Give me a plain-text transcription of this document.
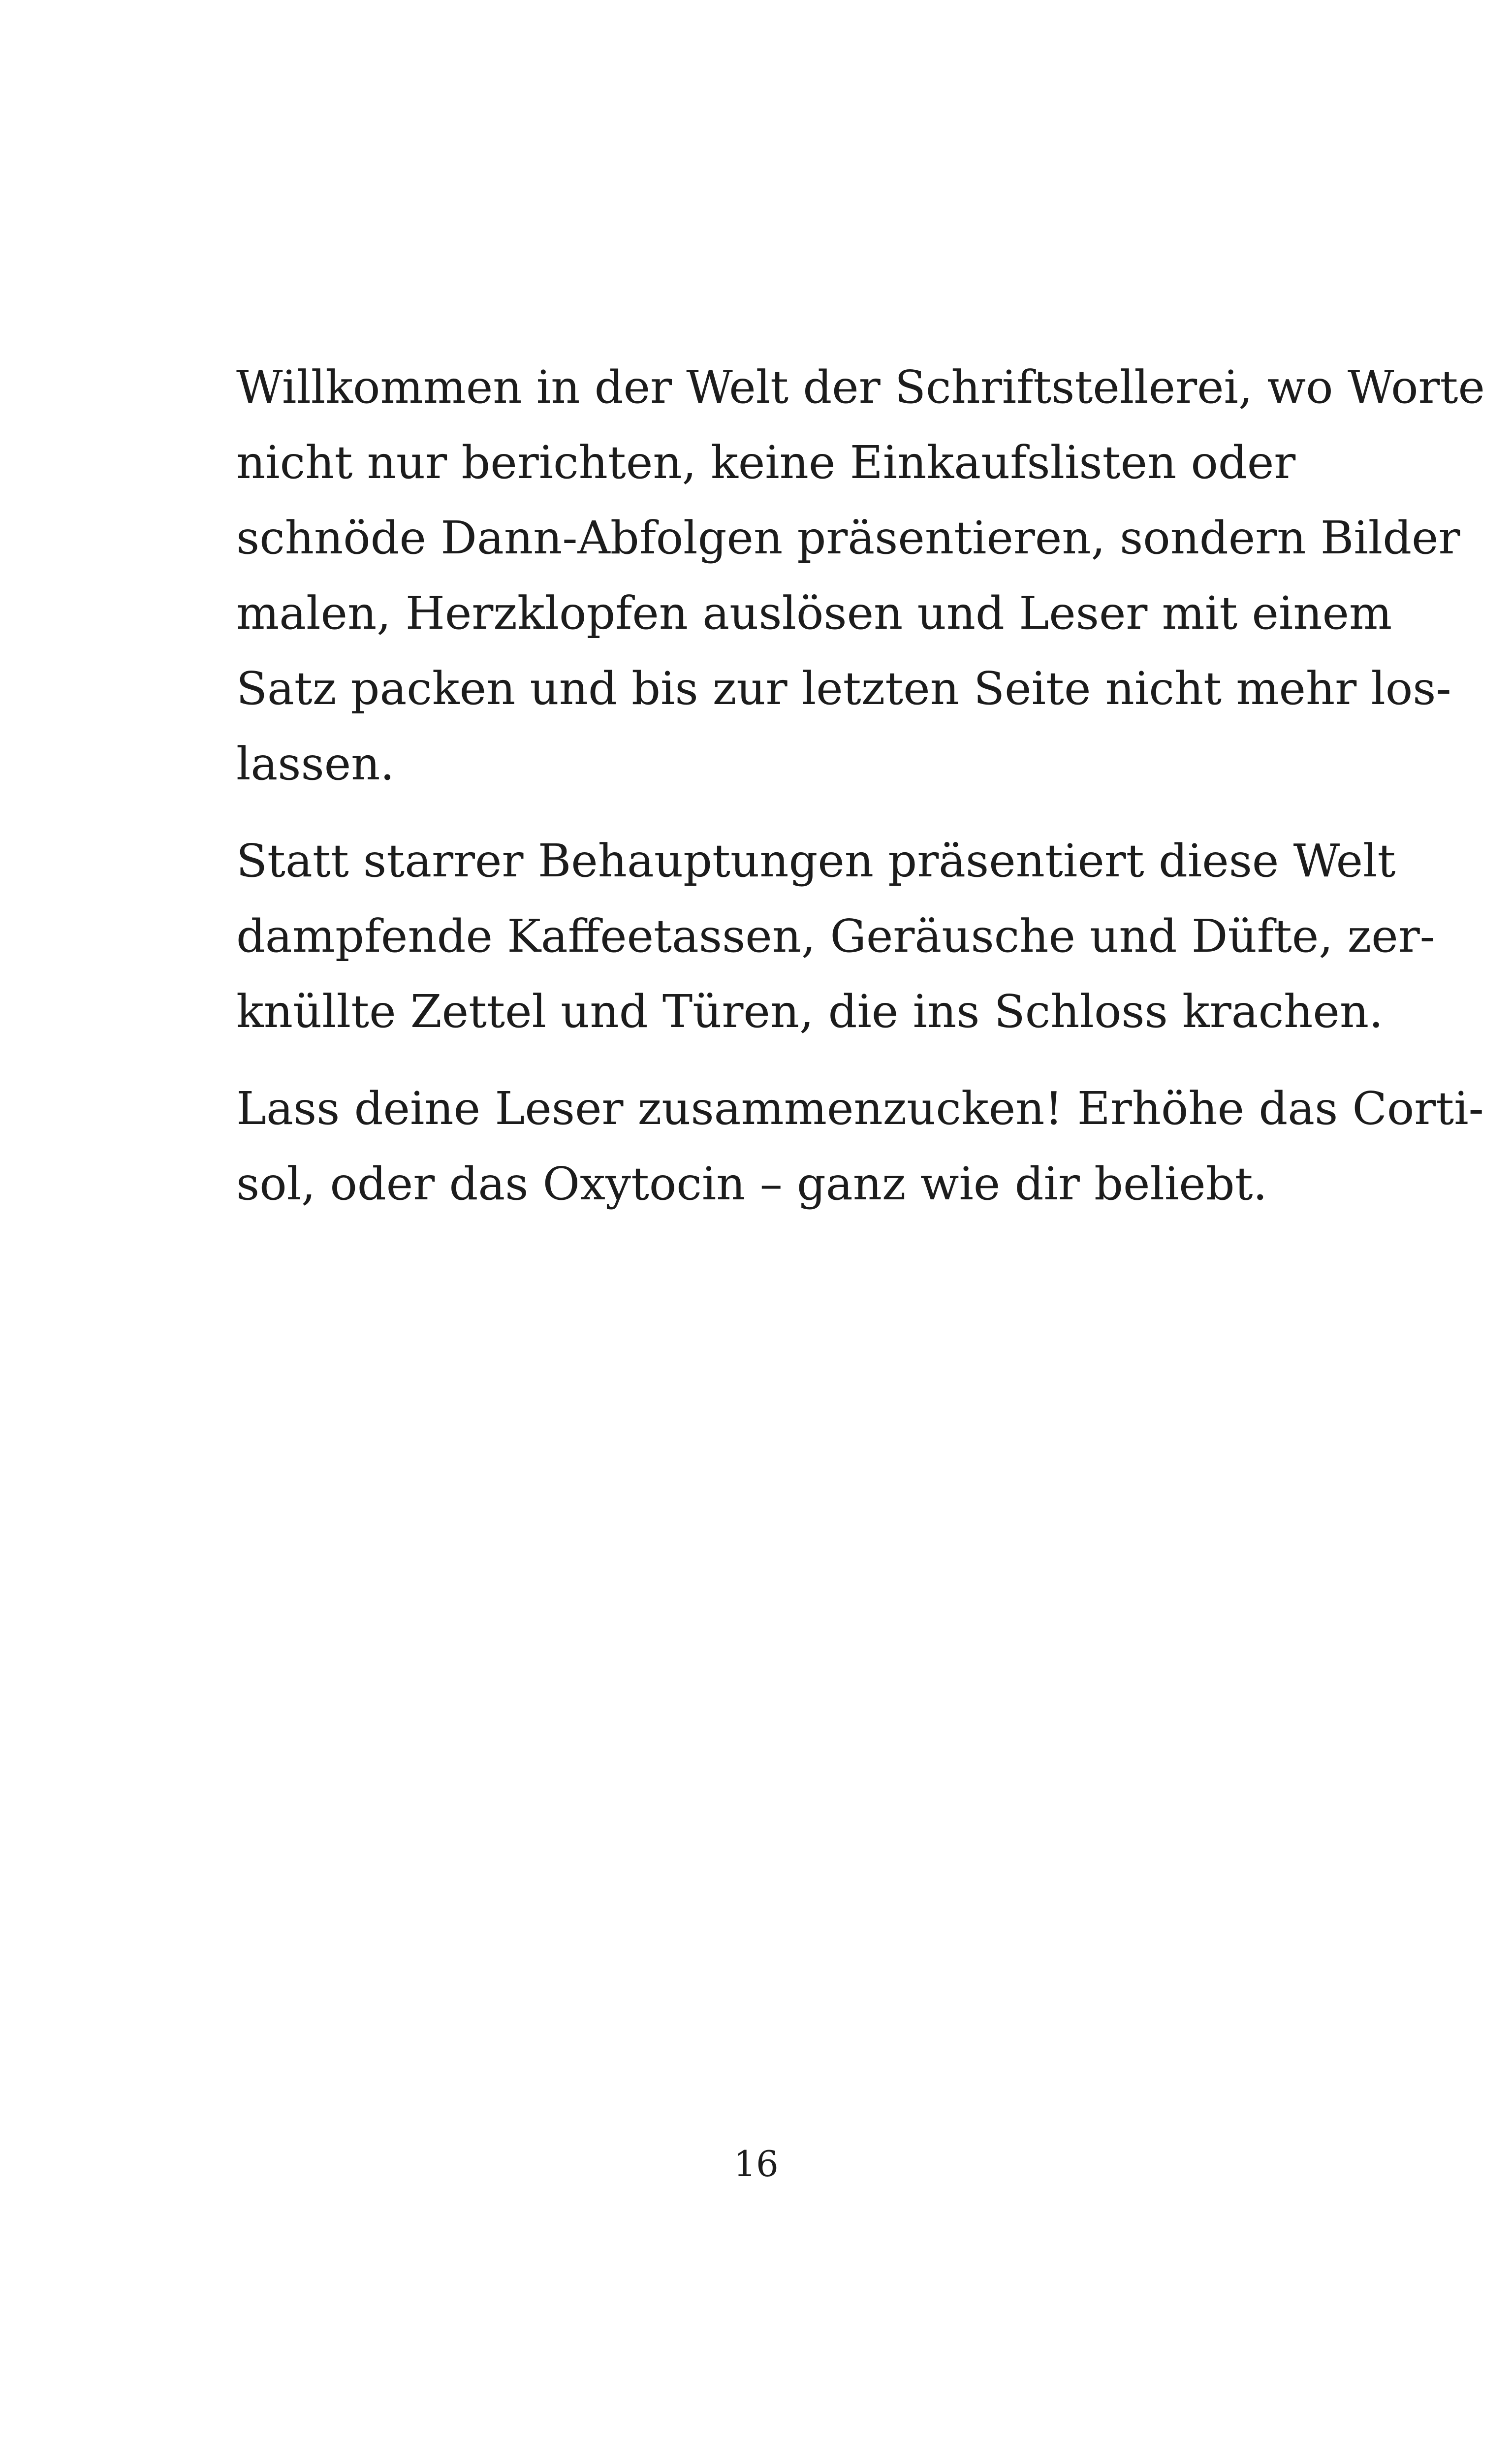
Willkommen in der Welt der Schriftstellerei, wo Worte
nicht nur berichten, keine Einkaufslisten oder
schnöde Dann-Abfolgen präsentieren, sondern Bilder
malen, Herzklopfen auslösen und Leser mit einem
Satz packen und bis zur letzten Seite nicht mehr los-
lassen.

Statt starrer Behauptungen präsentiert diese Welt
dampfende Kaffeetassen, Geräusche und Düfte, zer-
knüllte Zettel und Türen, die ins Schloss krachen.

Lass deine Leser zusammenzucken! Erhöhe das Corti-
sol, oder das Oxytocin – ganz wie dir beliebt.

16
